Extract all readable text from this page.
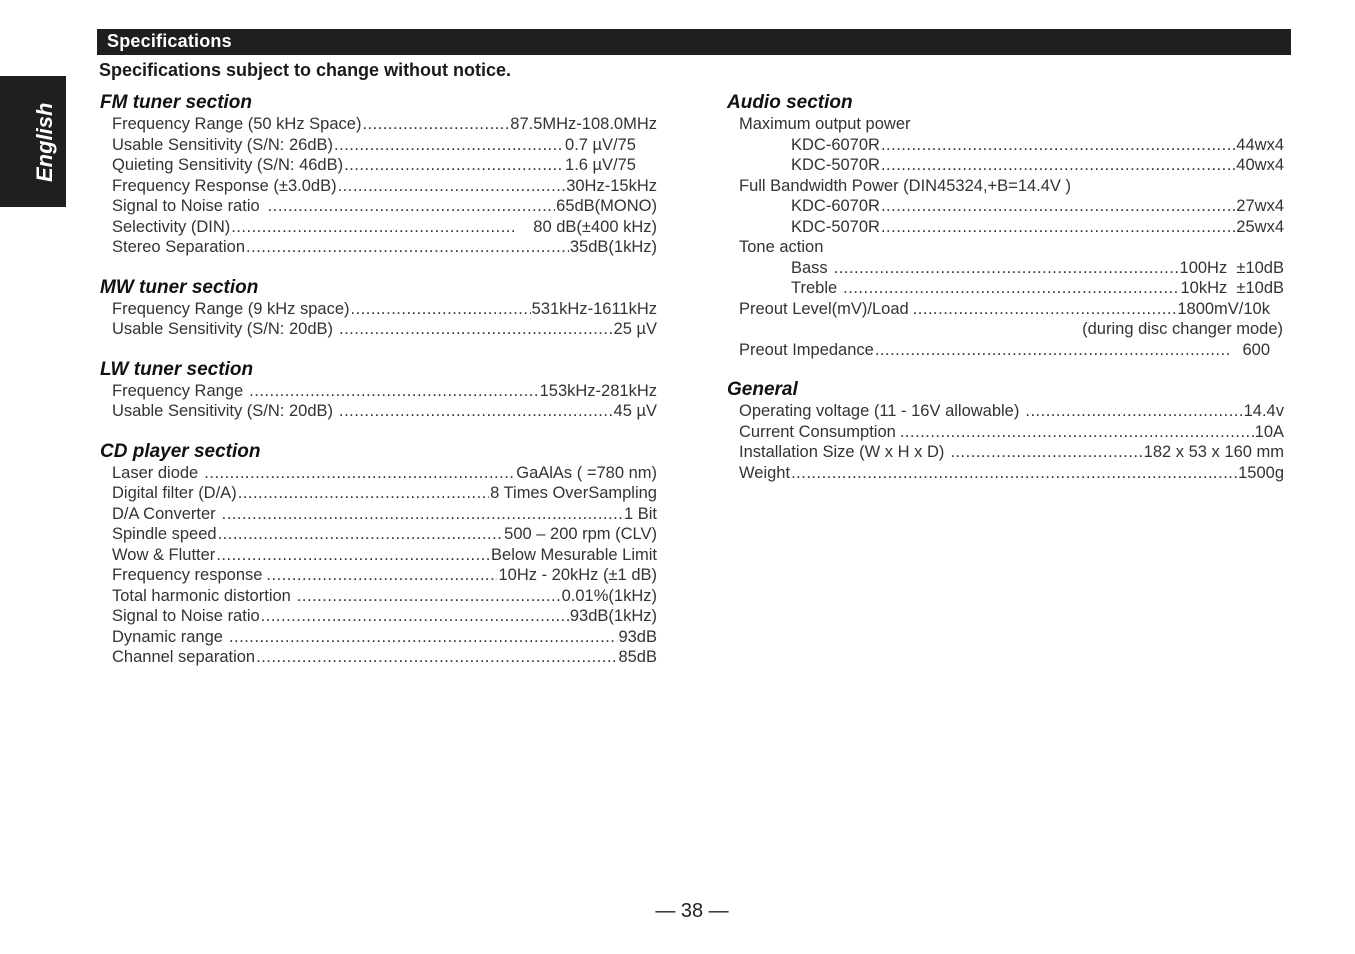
Specifications
English
Specifications subject to change without notice.
FM tuner section
Frequency Range (50 kHz Space) .....	87.5MHz-108.0MHz
Usable Sensitivity (S/N: 26dB) .....	0.7 µV/75
Quieting Sensitivity (S/N: 46dB) .....	1.6 µV/75
Frequency Response (±3.0dB) .....	30Hz-15kHz
Signal to Noise ratio .....	65dB(MONO)
Selectivity (DIN) .....	80 dB(±400 kHz)
Stereo Separation .....	35dB(1kHz)
MW tuner section
Frequency Range (9 kHz space) .....	531kHz-1611kHz
Usable Sensitivity (S/N: 20dB) .....	25 µV
LW tuner section
Frequency Range .....	153kHz-281kHz
Usable Sensitivity (S/N: 20dB) .....	45 µV
CD player section
Laser diode .....	GaAlAs ( =780 nm)
Digital filter (D/A) .....	8 Times OverSampling
D/A Converter .....	1 Bit
Spindle speed .....	500 – 200 rpm (CLV)
Wow & Flutter .....	Below Mesurable Limit
Frequency response .....	10Hz - 20kHz (±1 dB)
Total harmonic distortion .....	0.01%(1kHz)
Signal to Noise ratio .....	93dB(1kHz)
Dynamic range .....	93dB
Channel separation .....	85dB
Audio section
Maximum output power
KDC-6070R .....	44wx4
KDC-5070R .....	40wx4
Full Bandwidth Power (DIN45324,+B=14.4V )
KDC-6070R .....	27wx4
KDC-5070R .....	25wx4
Tone action
Bass .....	100Hz  ±10dB
Treble .....	10kHz  ±10dB
Preout Level(mV)/Load .....	1800mV/10k
(during disc changer mode)
Preout Impedance .....	600
General
Operating voltage (11 - 16V allowable) .....	14.4v
Current Consumption .....	10A
Installation Size (W x H x D) .....	182 x 53 x 160 mm
Weight .....	1500g
— 38 —
